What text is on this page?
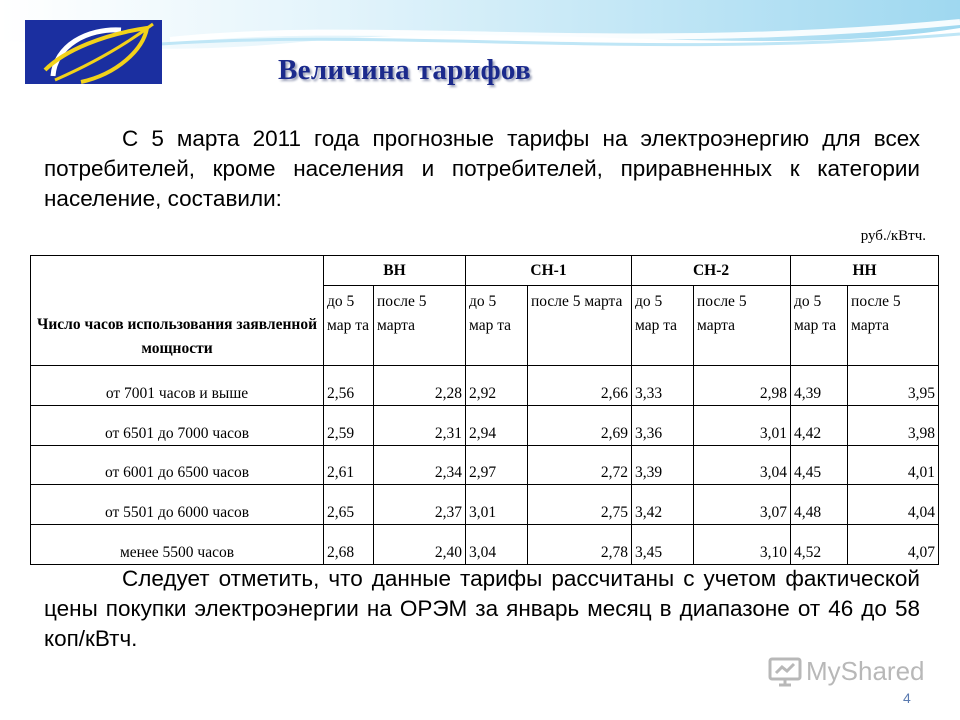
Величина тарифов

С 5 марта 2011 года прогнозные тарифы на электроэнергию для всех потребителей, кроме населения и потребителей, приравненных к категории население, составили:

руб./кВтч.
Число часов использования заявленной мощности	ВН		СН-1		СН-2		НН	
	до 5 мар та	после 5 марта	до 5 мар та	после 5 марта	до 5 мар та	после 5 марта	до 5 мар та	после 5 марта
от 7001 часов и выше	2,56	2,28	2,92	2,66	3,33	2,98	4,39	3,95
от 6501 до 7000 часов	2,59	2,31	2,94	2,69	3,36	3,01	4,42	3,98
от 6001 до 6500 часов	2,61	2,34	2,97	2,72	3,39	3,04	4,45	4,01
от 5501 до 6000 часов	2,65	2,37	3,01	2,75	3,42	3,07	4,48	4,04
менее 5500 часов	2,68	2,40	3,04	2,78	3,45	3,10	4,52	4,07

Следует отметить, что данные тарифы рассчитаны с учетом фактической цены покупки электроэнергии на ОРЭМ за январь месяц в диапазоне от 46 до 58 коп/кВтч.

MyShared
4
